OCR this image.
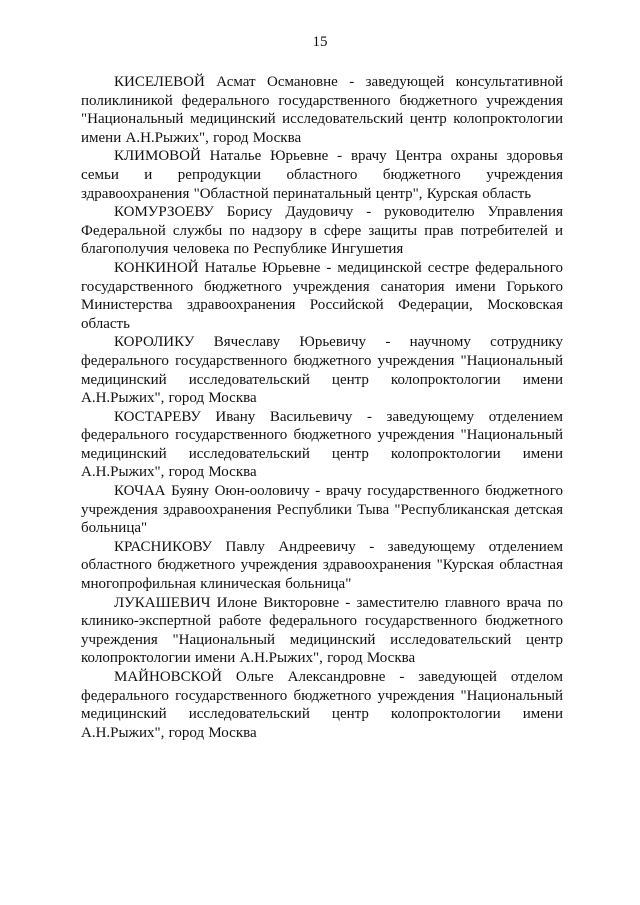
15

КИСЕЛЕВОЙ Асмат Османовне - заведующей консультативной поликлиникой федерального государственного бюджетного учреждения "Национальный медицинский исследовательский центр колопроктологии имени А.Н.Рыжих", город Москва

КЛИМОВОЙ Наталье Юрьевне - врачу Центра охраны здоровья семьи и репродукции областного бюджетного учреждения здравоохранения "Областной перинатальный центр", Курская область

КОМУРЗОЕВУ Борису Даудовичу - руководителю Управления Федеральной службы по надзору в сфере защиты прав потребителей и благополучия человека по Республике Ингушетия

КОНКИНОЙ Наталье Юрьевне - медицинской сестре федерального государственного бюджетного учреждения санатория имени Горького Министерства здравоохранения Российской Федерации, Московская область

КОРОЛИКУ Вячеславу Юрьевичу - научному сотруднику федерального государственного бюджетного учреждения "Национальный медицинский исследовательский центр колопроктологии имени А.Н.Рыжих", город Москва

КОСТАРЕВУ Ивану Васильевичу - заведующему отделением федерального государственного бюджетного учреждения "Национальный медицинский исследовательский центр колопроктологии имени А.Н.Рыжих", город Москва

КОЧАА Буяну Оюн-ооловичу - врачу государственного бюджетного учреждения здравоохранения Республики Тыва "Республиканская детская больница"

КРАСНИКОВУ Павлу Андреевичу - заведующему отделением областного бюджетного учреждения здравоохранения "Курская областная многопрофильная клиническая больница"

ЛУКАШЕВИЧ Илоне Викторовне - заместителю главного врача по клинико-экспертной работе федерального государственного бюджетного учреждения "Национальный медицинский исследовательский центр колопроктологии имени А.Н.Рыжих", город Москва

МАЙНОВСКОЙ Ольге Александровне - заведующей отделом федерального государственного бюджетного учреждения "Национальный медицинский исследовательский центр колопроктологии имени А.Н.Рыжих", город Москва
